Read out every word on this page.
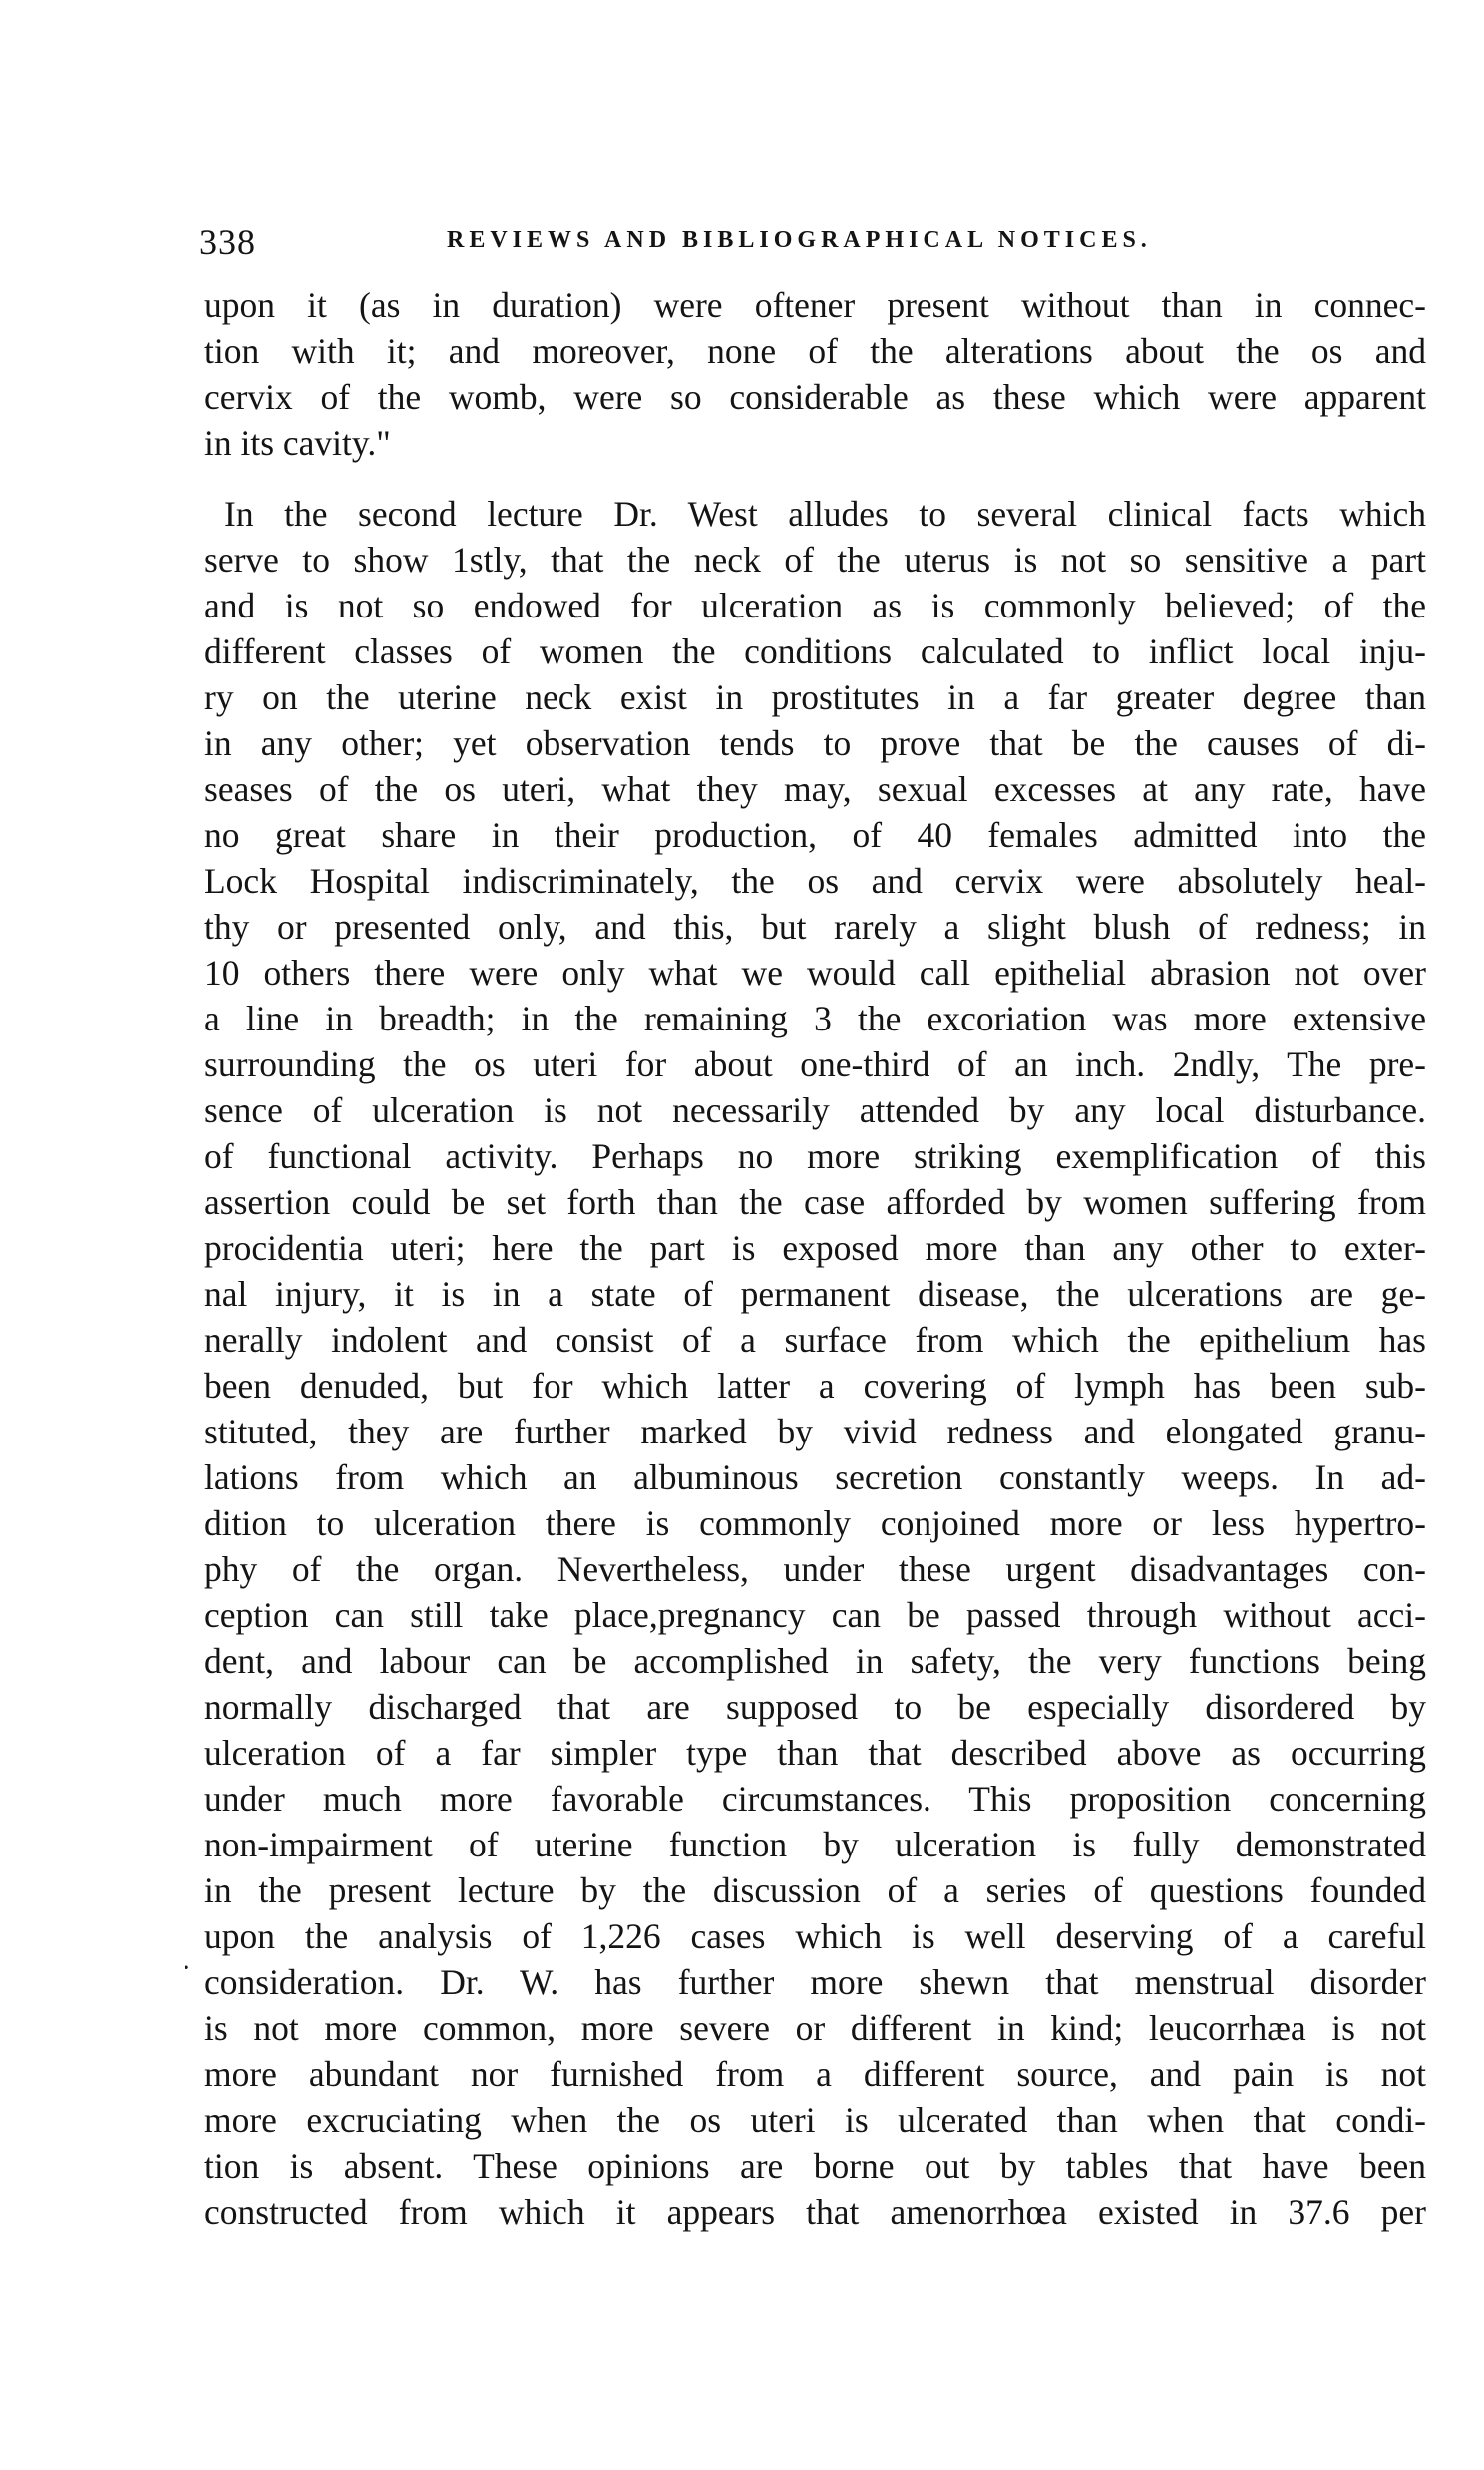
338	REVIEWS AND BIBLIOGRAPHICAL NOTICES.
upon it (as in duration) were oftener present without than in connec-
tion with it; and moreover, none of the alterations about the os and
cervix of the womb, were so considerable as these which were apparent
in its cavity."
In the second lecture Dr. West alludes to several clinical facts which
serve to show 1stly, that the neck of the uterus is not so sensitive a part
and is not so endowed for ulceration as is commonly believed; of the
different classes of women the conditions calculated to inflict local inju-
ry on the uterine neck exist in prostitutes in a far greater degree than
in any other; yet observation tends to prove that be the causes of di-
seases of the os uteri, what they may, sexual excesses at any rate, have
no great share in their production, of 40 females admitted into the
Lock Hospital indiscriminately, the os and cervix were absolutely heal-
thy or presented only, and this, but rarely a slight blush of redness; in
10 others there were only what we would call epithelial abrasion not over
a line in breadth; in the remaining 3 the excoriation was more extensive
surrounding the os uteri for about one-third of an inch. 2ndly, The pre-
sence of ulceration is not necessarily attended by any local disturbance.
of functional activity. Perhaps no more striking exemplification of this
assertion could be set forth than the case afforded by women suffering from
procidentia uteri; here the part is exposed more than any other to exter-
nal injury, it is in a state of permanent disease, the ulcerations are ge-
nerally indolent and consist of a surface from which the epithelium has
been denuded, but for which latter a covering of lymph has been sub-
stituted, they are further marked by vivid redness and elongated granu-
lations from which an albuminous secretion constantly weeps. In ad-
dition to ulceration there is commonly conjoined more or less hypertro-
phy of the organ. Nevertheless, under these urgent disadvantages con-
ception can still take place,pregnancy can be passed through without acci-
dent, and labour can be accomplished in safety, the very functions being
normally discharged that are supposed to be especially disordered by
ulceration of a far simpler type than that described above as occurring
under much more favorable circumstances. This proposition concerning
non-impairment of uterine function by ulceration is fully demonstrated
in the present lecture by the discussion of a series of questions founded
upon the analysis of 1,226 cases which is well deserving of a careful
consideration. Dr. W. has further more shewn that menstrual disorder
is not more common, more severe or different in kind; leucorrhæa is not
more abundant nor furnished from a different source, and pain is not
more excruciating when the os uteri is ulcerated than when that condi-
tion is absent. These opinions are borne out by tables that have been
constructed from which it appears that amenorrhœa existed in 37.6 per
·
